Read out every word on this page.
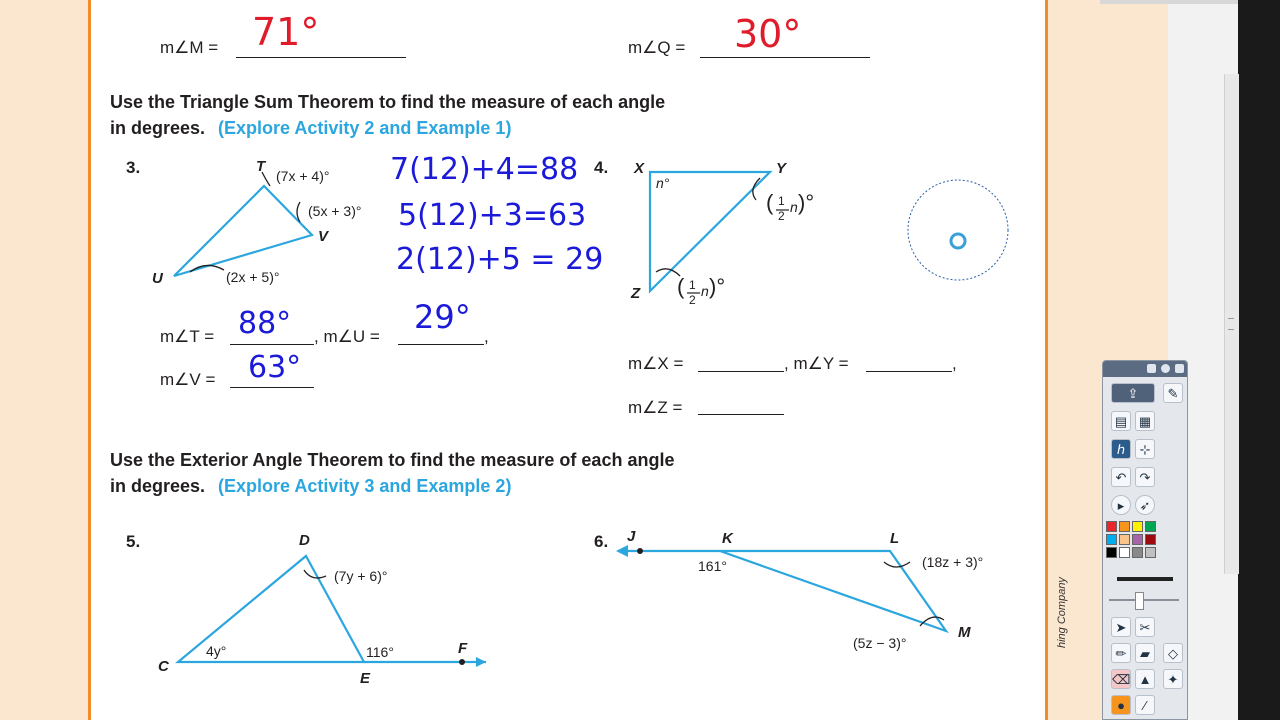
m∠M = 71°	m∠Q = 30°
Use the Triangle Sum Theorem to find the measure of each angle
in degrees. (Explore Activity 2 and Example 1)
3.	T
U
V
(7x + 4)°
(5x + 3)°
(2x + 5)°
7(12)+4=88
5(12)+3=63
2(12)+5 = 29
m∠T = 88° , m∠U =	,
29°
m∠V = 63°
4. X	Y
Z
n°
( 1
2
n )°
( 1
2
n )°
m∠X =	, m∠Y =	,
m∠Z =
Use the Exterior Angle Theorem to find the measure of each angle
in degrees. (Explore Activity 3 and Example 2)
5.	D
C
E
F
(7y + 6)°
4y°	116°
6. J	K	L
M
161°	(18z + 3)°
(5z − 3)°	hing Company
⇪	✎
▤ ▦
ℎ	⊹
↶	↷
▸	➶
➤	✂
✏	▰	◇
⌫ ▲	✦
●	∕
